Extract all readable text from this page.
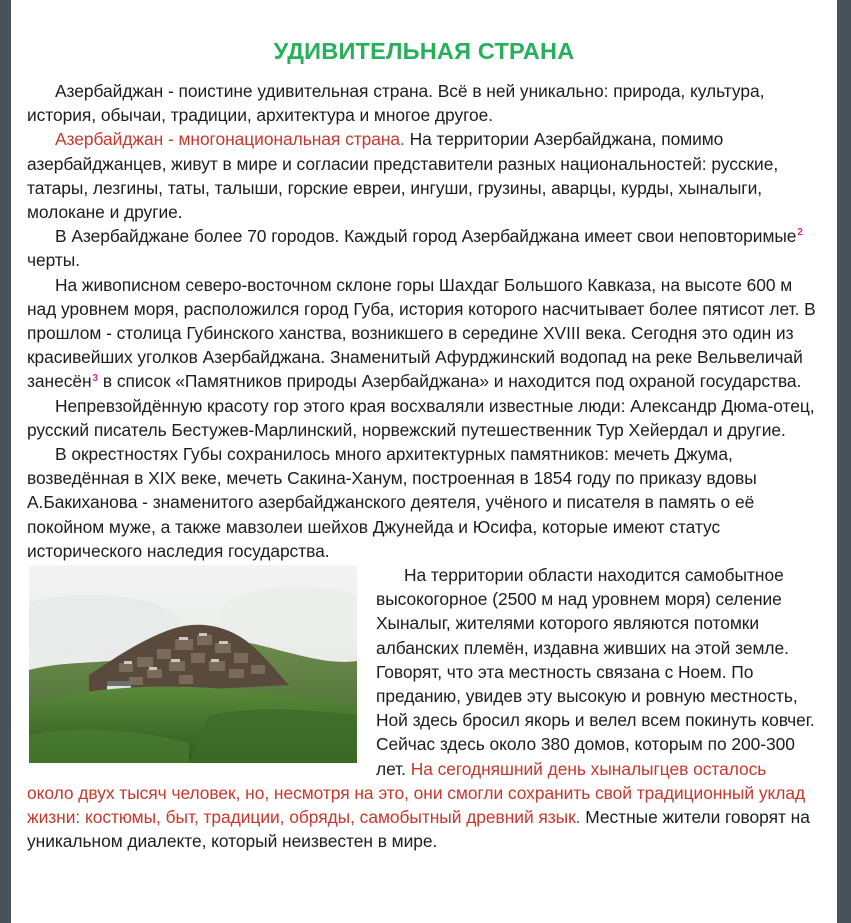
УДИВИТЕЛЬНАЯ СТРАНА

Азербайджан - поистине удивительная страна. Всё в ней уникально: природа, культура, история, обычаи, традиции, архитектура и многое другое.

Азербайджан - многонациональная страна. На территории Азербайджана, помимо азербайджанцев, живут в мире и согласии представители разных национальностей: русские, татары, лезгины, таты, талыши, горские евреи, ингуши, грузины, аварцы, курды, хыналыги, молокане и другие.

В Азербайджане более 70 городов. Каждый город Азербайджана имеет свои неповторимые$^2$ черты.

На живописном северо-восточном склоне горы Шахдаг Большого Кавказа, на высоте 600 м над уровнем моря, расположился город Губа, история которого насчитывает более пятисот лет. В прошлом - столица Губинского ханства, возникшего в середине XVIII века. Сегодня это один из красивейших уголков Азербайджана. Знаменитый Афурджинский водопад на реке Вельвеличай занесён$^3$ в список «Памятников природы Азербайджана» и находится под охраной государства.

Непревзойдённую красоту гор этого края восхваляли известные люди: Александр Дюма-отец, русский писатель Бестужев-Марлинский, норвежский путешественник Тур Хейердал и другие.

В окрестностях Губы сохранилось много архитектурных памятников: мечеть Джума, возведённая в XIX веке, мечеть Сакина-Ханум, построенная в 1854 году по приказу вдовы А.Бакиханова - знаменитого азербайджанского деятеля, учёного и писателя в память о её покойном муже, а также мавзолеи шейхов Джунейда и Юсифа, которые имеют статус исторического наследия государства.

На территории области находится самобытное высокогорное (2500 м над уровнем моря) селение Хыналыг, жителями которого являются потомки албанских племён, издавна живших на этой земле. Говорят, что эта местность связана с Ноем. По преданию, увидев эту высокую и ровную местность, Ной здесь бросил якорь и велел всем покинуть ковчег. Сейчас здесь около 380 домов, которым по 200-300 лет. На сегодняшний день хыналыгцев осталось около двух тысяч человек, но, несмотря на это, они смогли сохранить свой традиционный уклад жизни: костюмы, быт, традиции, обряды, самобытный древний язык. Местные жители говорят на уникальном диалекте, который неизвестен в мире.
